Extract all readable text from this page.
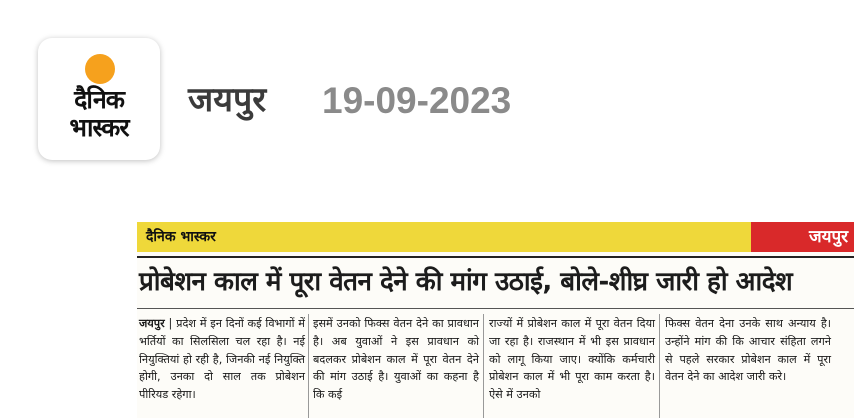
दैनिक
भास्कर
जयपुर 19-09-2023
दैनिक भास्कर	जयपुर
प्रोबेशन काल में पूरा वेतन देने की मांग उठाई, बोले-शीघ्र जारी हो आदेश

जयपुर | प्रदेश में इन दिनों कई विभागों में भर्तियों का सिलसिला चल रहा है। नई नियुक्तियां हो रही है, जिनकी नई नियुक्ति होगी, उनका दो साल तक प्रोबेशन पीरियड रहेगा।

इसमें उनको फिक्स वेतन देने का प्रावधान है। अब युवाओं ने इस प्रावधान को बदलकर प्रोबेशन काल में पूरा वेतन देने की मांग उठाई है। युवाओं का कहना है कि कई

राज्यों में प्रोबेशन काल में पूरा वेतन दिया जा रहा है। राजस्थान में भी इस प्रावधान को लागू किया जाए। क्योंकि कर्मचारी प्रोबेशन काल में भी पूरा काम करता है। ऐसे में उनको

फिक्स वेतन देना उनके साथ अन्याय है। उन्होंने मांग की कि आचार संहिता लगने से पहले सरकार प्रोबेशन काल में पूरा वेतन देने का आदेश जारी करे।
